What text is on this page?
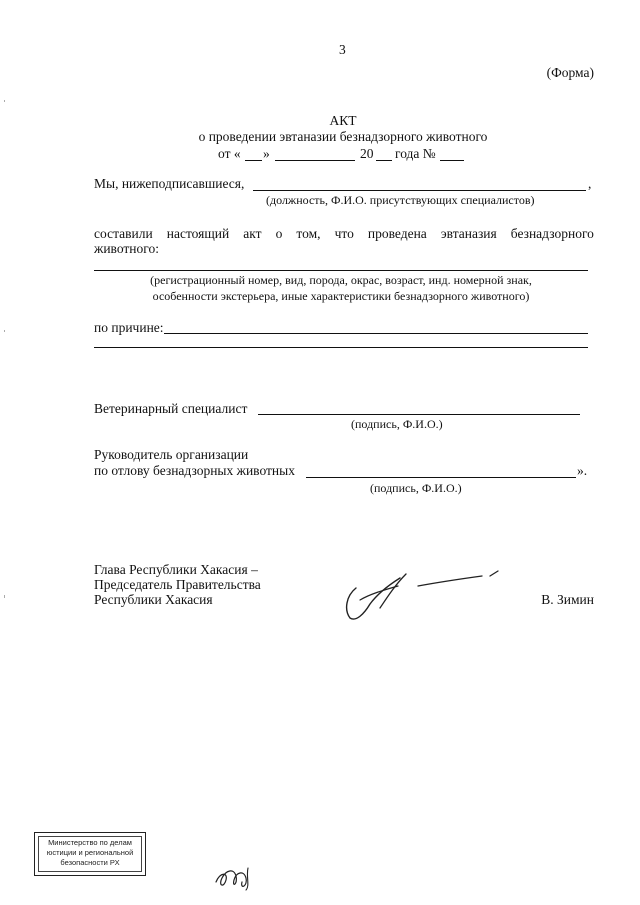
3
(Форма)
АКТ
о проведении эвтаназии безнадзорного животного
от « »	20 года №
Мы, нижеподписавшиеся,	,
(должность, Ф.И.О. присутствующих специалистов)
составили настоящий акт о том, что проведена эвтаназия безнадзорного
животного:
(регистрационный номер, вид, порода, окрас, возраст, инд. номерной знак,
особенности экстерьера, иные характеристики безнадзорного животного)
по причине:
Ветеринарный специалист
(подпись, Ф.И.О.)
Руководитель организации
по отлову безнадзорных животных	».
(подпись, Ф.И.О.)
Глава Республики Хакасия –
Председатель Правительства
Республики Хакасия	В. Зимин
Министерство по делам
юстиции и региональной
безопасности РХ
